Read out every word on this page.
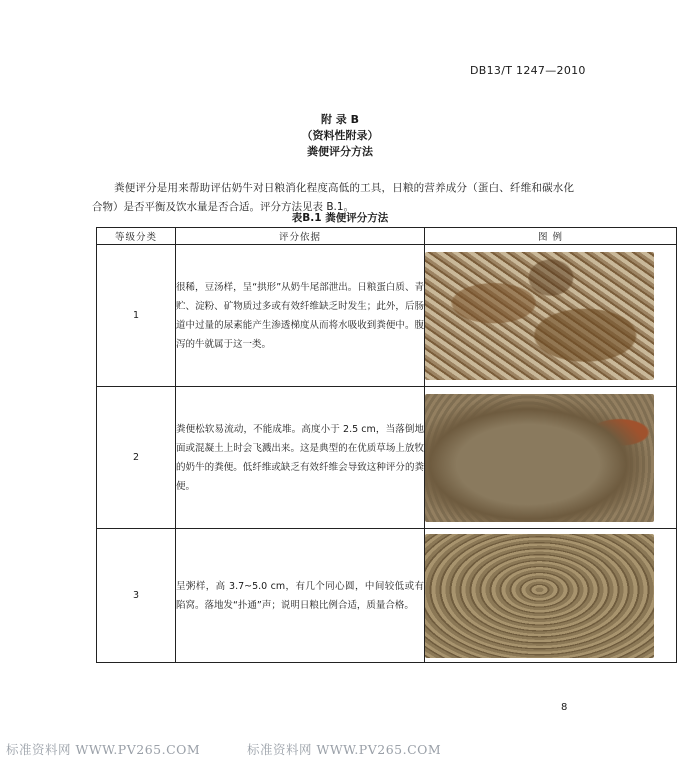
DB13/T 1247—2010
附 录 B
（资料性附录）
粪便评分方法

粪便评分是用来帮助评估奶牛对日粮消化程度高低的工具，日粮的营养成分（蛋白、纤维和碳水化合物）是否平衡及饮水量是否合适。评分方法见表 B.1。

表B.1 粪便评分方法
等级分类	评分依据	图 例
1	很稀，豆汤样，呈“拱形”从奶牛尾部泄出。日粮蛋白质、青贮、淀粉、矿物质过多或有效纤维缺乏时发生；此外，后肠道中过量的尿素能产生渗透梯度从而将水吸收到粪便中。腹泻的牛就属于这一类。	

2	粪便松软易流动，不能成堆。高度小于 2.5 cm，当落倒地面或混凝土上时会飞溅出来。这是典型的在优质草场上放牧的奶牛的粪便。低纤维或缺乏有效纤维会导致这种评分的粪便。	

3	呈粥样，高 3.7~5.0 cm，有几个同心圆，中间较低或有陷窝。落地发“扑通”声；说明日粮比例合适，质量合格。	
8
标准资料网 WWW.PV265.COM	标准资料网 WWW.PV265.COM
